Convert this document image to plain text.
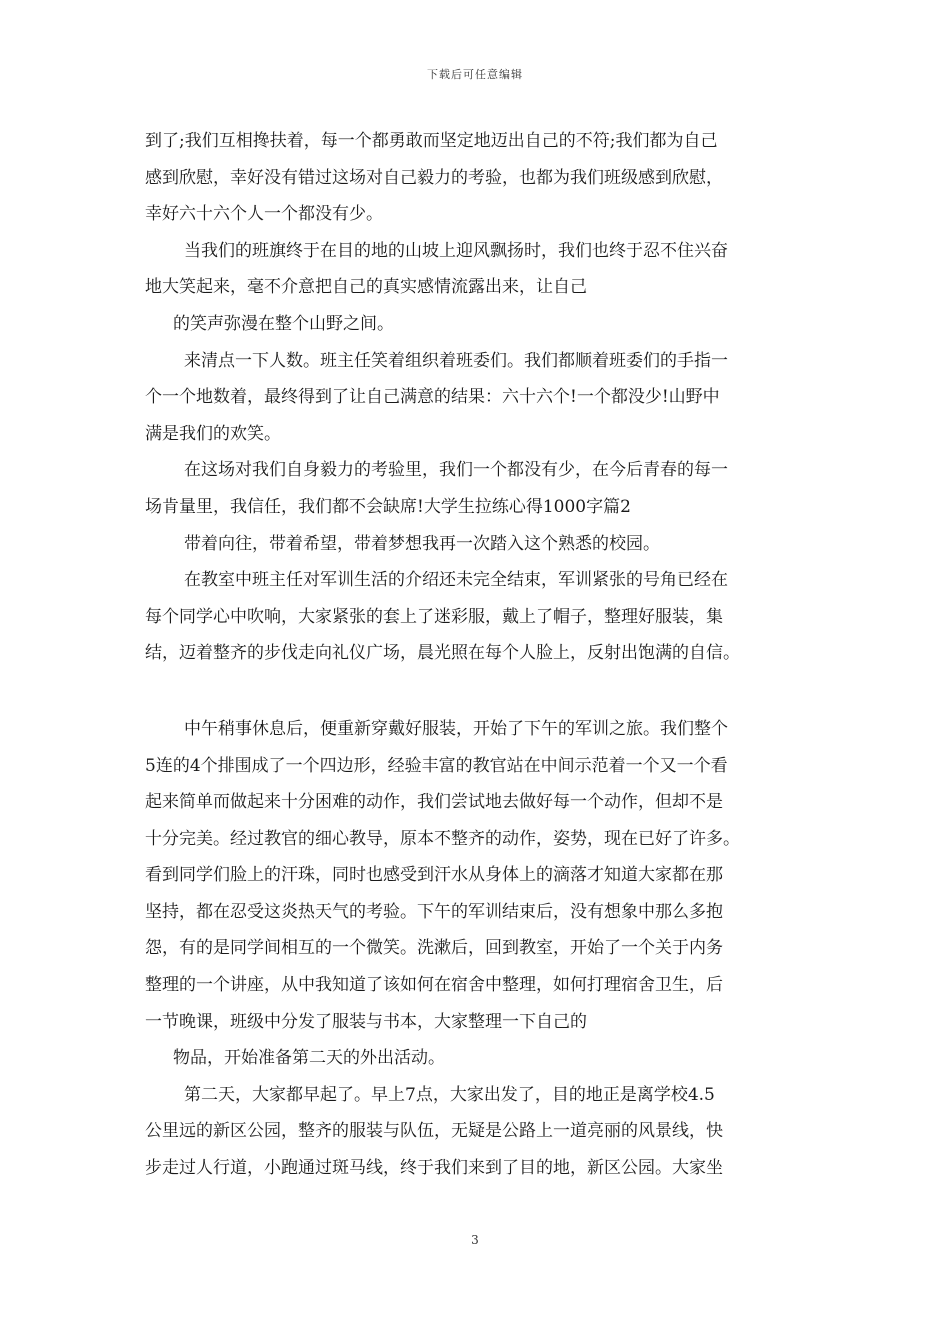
下载后可任意编辑
到了;我们互相搀扶着，每一个都勇敢而坚定地迈出自己的不符;我们都为自己
感到欣慰，幸好没有错过这场对自己毅力的考验，也都为我们班级感到欣慰，
幸好六十六个人一个都没有少。
当我们的班旗终于在目的地的山坡上迎风飘扬时，我们也终于忍不住兴奋
地大笑起来，毫不介意把自己的真实感情流露出来，让自己
的笑声弥漫在整个山野之间。
来清点一下人数。班主任笑着组织着班委们。我们都顺着班委们的手指一
个一个地数着，最终得到了让自己满意的结果：六十六个!一个都没少!山野中
满是我们的欢笑。
在这场对我们自身毅力的考验里，我们一个都没有少，在今后青春的每一
场肯量里，我信任，我们都不会缺席!大学生拉练心得1000字篇2
带着向往，带着希望，带着梦想我再一次踏入这个熟悉的校园。
在教室中班主任对军训生活的介绍还未完全结束，军训紧张的号角已经在
每个同学心中吹响，大家紧张的套上了迷彩服，戴上了帽子，整理好服装，集
结，迈着整齐的步伐走向礼仪广场，晨光照在每个人脸上，反射出饱满的自信。
中午稍事休息后，便重新穿戴好服装，开始了下午的军训之旅。我们整个
5连的4个排围成了一个四边形，经验丰富的教官站在中间示范着一个又一个看
起来简单而做起来十分困难的动作，我们尝试地去做好每一个动作，但却不是
十分完美。经过教官的细心教导，原本不整齐的动作，姿势，现在已好了许多。
看到同学们脸上的汗珠，同时也感受到汗水从身体上的滴落才知道大家都在那
坚持，都在忍受这炎热天气的考验。下午的军训结束后，没有想象中那么多抱
怨，有的是同学间相互的一个微笑。洗漱后，回到教室，开始了一个关于内务
整理的一个讲座，从中我知道了该如何在宿舍中整理，如何打理宿舍卫生，后
一节晚课，班级中分发了服装与书本，大家整理一下自己的
物品，开始准备第二天的外出活动。
第二天，大家都早起了。早上7点，大家出发了，目的地正是离学校4.5
公里远的新区公园，整齐的服装与队伍，无疑是公路上一道亮丽的风景线，快
步走过人行道，小跑通过斑马线，终于我们来到了目的地，新区公园。大家坐
3
